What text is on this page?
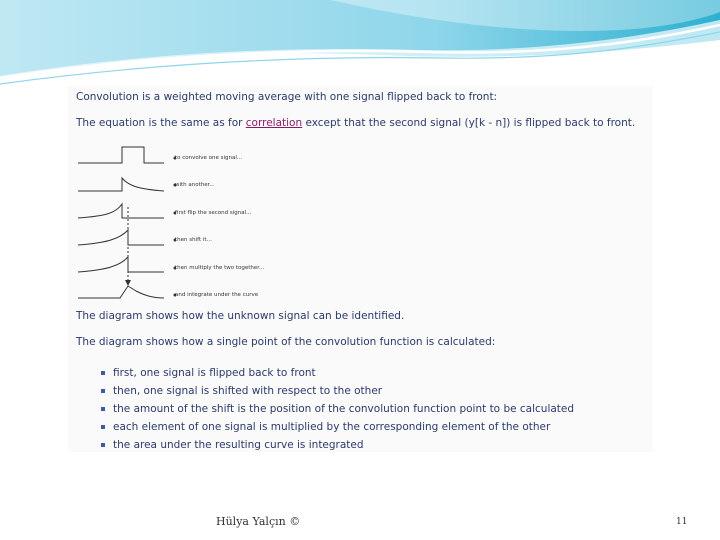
Convolution is a weighted moving average with one signal flipped back to front:
The equation is the same as for correlation except that the second signal (y[k - n]) is flipped back to front.
to convolve one signal...
with another...
first flip the second signal...
then shift it...
then multiply the two together...
and integrate under the curve
The diagram shows how the unknown signal can be identified.
The diagram shows how a single point of the convolution function is calculated:
first, one signal is flipped back to front
then, one signal is shifted with respect to the other
the amount of the shift is the position of the convolution function point to be calculated
each element of one signal is multiplied by the corresponding element of the other
the area under the resulting curve is integrated
Hülya Yalçın ©	11
